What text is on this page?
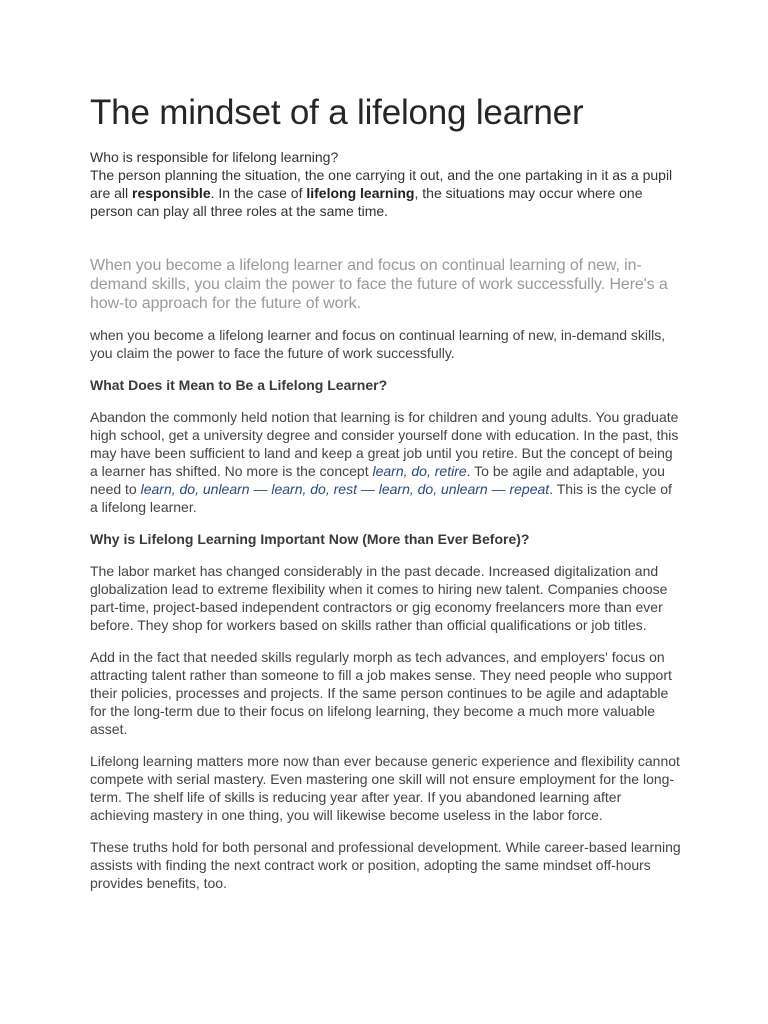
The mindset of a lifelong learner

Who is responsible for lifelong learning?

The person planning the situation, the one carrying it out, and the one partaking in it as a pupil are all responsible. In the case of lifelong learning, the situations may occur where one person can play all three roles at the same time.

When you become a lifelong learner and focus on continual learning of new, in-demand skills, you claim the power to face the future of work successfully. Here's a how-to approach for the future of work.

when you become a lifelong learner and focus on continual learning of new, in-demand skills, you claim the power to face the future of work successfully.

What Does it Mean to Be a Lifelong Learner?

Abandon the commonly held notion that learning is for children and young adults. You graduate high school, get a university degree and consider yourself done with education. In the past, this may have been sufficient to land and keep a great job until you retire. But the concept of being a learner has shifted. No more is the concept learn, do, retire. To be agile and adaptable, you need to learn, do, unlearn — learn, do, rest — learn, do, unlearn — repeat. This is the cycle of a lifelong learner.

Why is Lifelong Learning Important Now (More than Ever Before)?

The labor market has changed considerably in the past decade. Increased digitalization and globalization lead to extreme flexibility when it comes to hiring new talent. Companies choose part-time, project-based independent contractors or gig economy freelancers more than ever before. They shop for workers based on skills rather than official qualifications or job titles.

Add in the fact that needed skills regularly morph as tech advances, and employers' focus on attracting talent rather than someone to fill a job makes sense. They need people who support their policies, processes and projects. If the same person continues to be agile and adaptable for the long-term due to their focus on lifelong learning, they become a much more valuable asset.

Lifelong learning matters more now than ever because generic experience and flexibility cannot compete with serial mastery. Even mastering one skill will not ensure employment for the long-term. The shelf life of skills is reducing year after year. If you abandoned learning after achieving mastery in one thing, you will likewise become useless in the labor force.

These truths hold for both personal and professional development. While career-based learning assists with finding the next contract work or position, adopting the same mindset off-hours provides benefits, too.
